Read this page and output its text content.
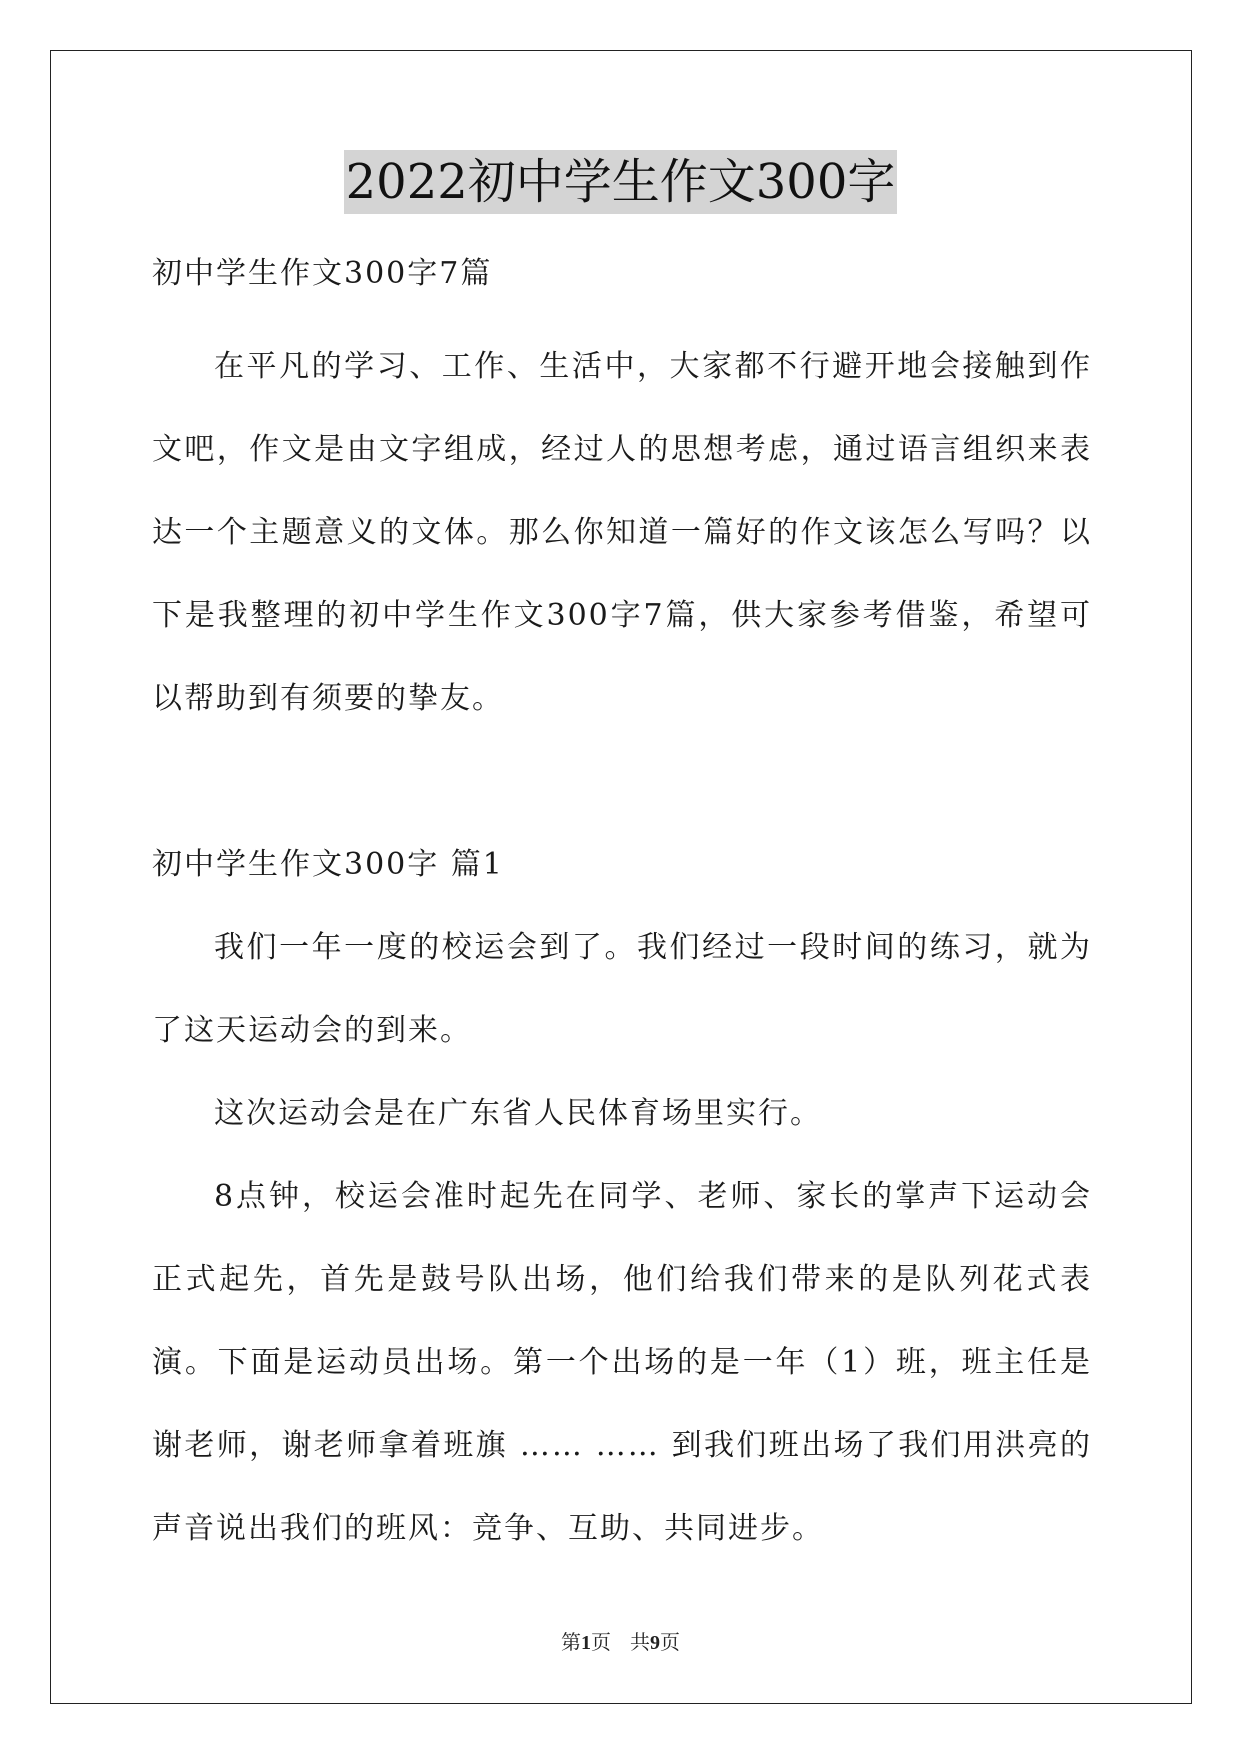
2022初中学生作文300字

初中学生作文300字7篇

在平凡的学习、工作、生活中，大家都不行避开地会接触到作文吧，作文是由文字组成，经过人的思想考虑，通过语言组织来表达一个主题意义的文体。那么你知道一篇好的作文该怎么写吗？以下是我整理的初中学生作文300字7篇，供大家参考借鉴，希望可以帮助到有须要的挚友。

初中学生作文300字 篇1

我们一年一度的校运会到了。我们经过一段时间的练习，就为了这天运动会的到来。

这次运动会是在广东省人民体育场里实行。

8点钟，校运会准时起先在同学、老师、家长的掌声下运动会正式起先，首先是鼓号队出场，他们给我们带来的是队列花式表演。下面是运动员出场。第一个出场的是一年（1）班，班主任是谢老师，谢老师拿着班旗 …… …… 到我们班出场了我们用洪亮的声音说出我们的班风：竞争、互助、共同进步。

第1页   共9页
